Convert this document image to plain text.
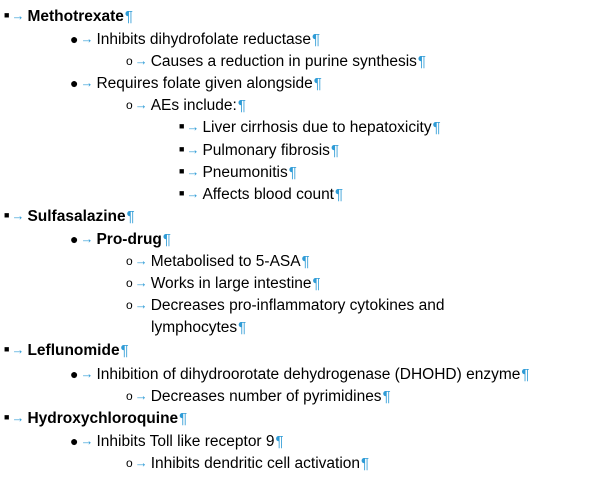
■ → Methotrexate¶
● → Inhibits dihydrofolate reductase¶
o → Causes a reduction in purine synthesis¶
● → Requires folate given alongside¶
o → AEs include:¶
■ → Liver cirrhosis due to hepatoxicity¶
■ → Pulmonary fibrosis¶
■ → Pneumonitis¶
■ → Affects blood count¶
■ → Sulfasalazine¶
● → Pro-drug¶
o → Metabolised to 5-ASA¶
o → Works in large intestine¶
o → Decreases pro-inflammatory cytokines and
lymphocytes¶
■ → Leflunomide¶
● → Inhibition of dihydroorotate dehydrogenase (DHOHD) enzyme¶
o → Decreases number of pyrimidines¶
■ → Hydroxychloroquine¶
● → Inhibits Toll like receptor 9¶
o → Inhibits dendritic cell activation¶
